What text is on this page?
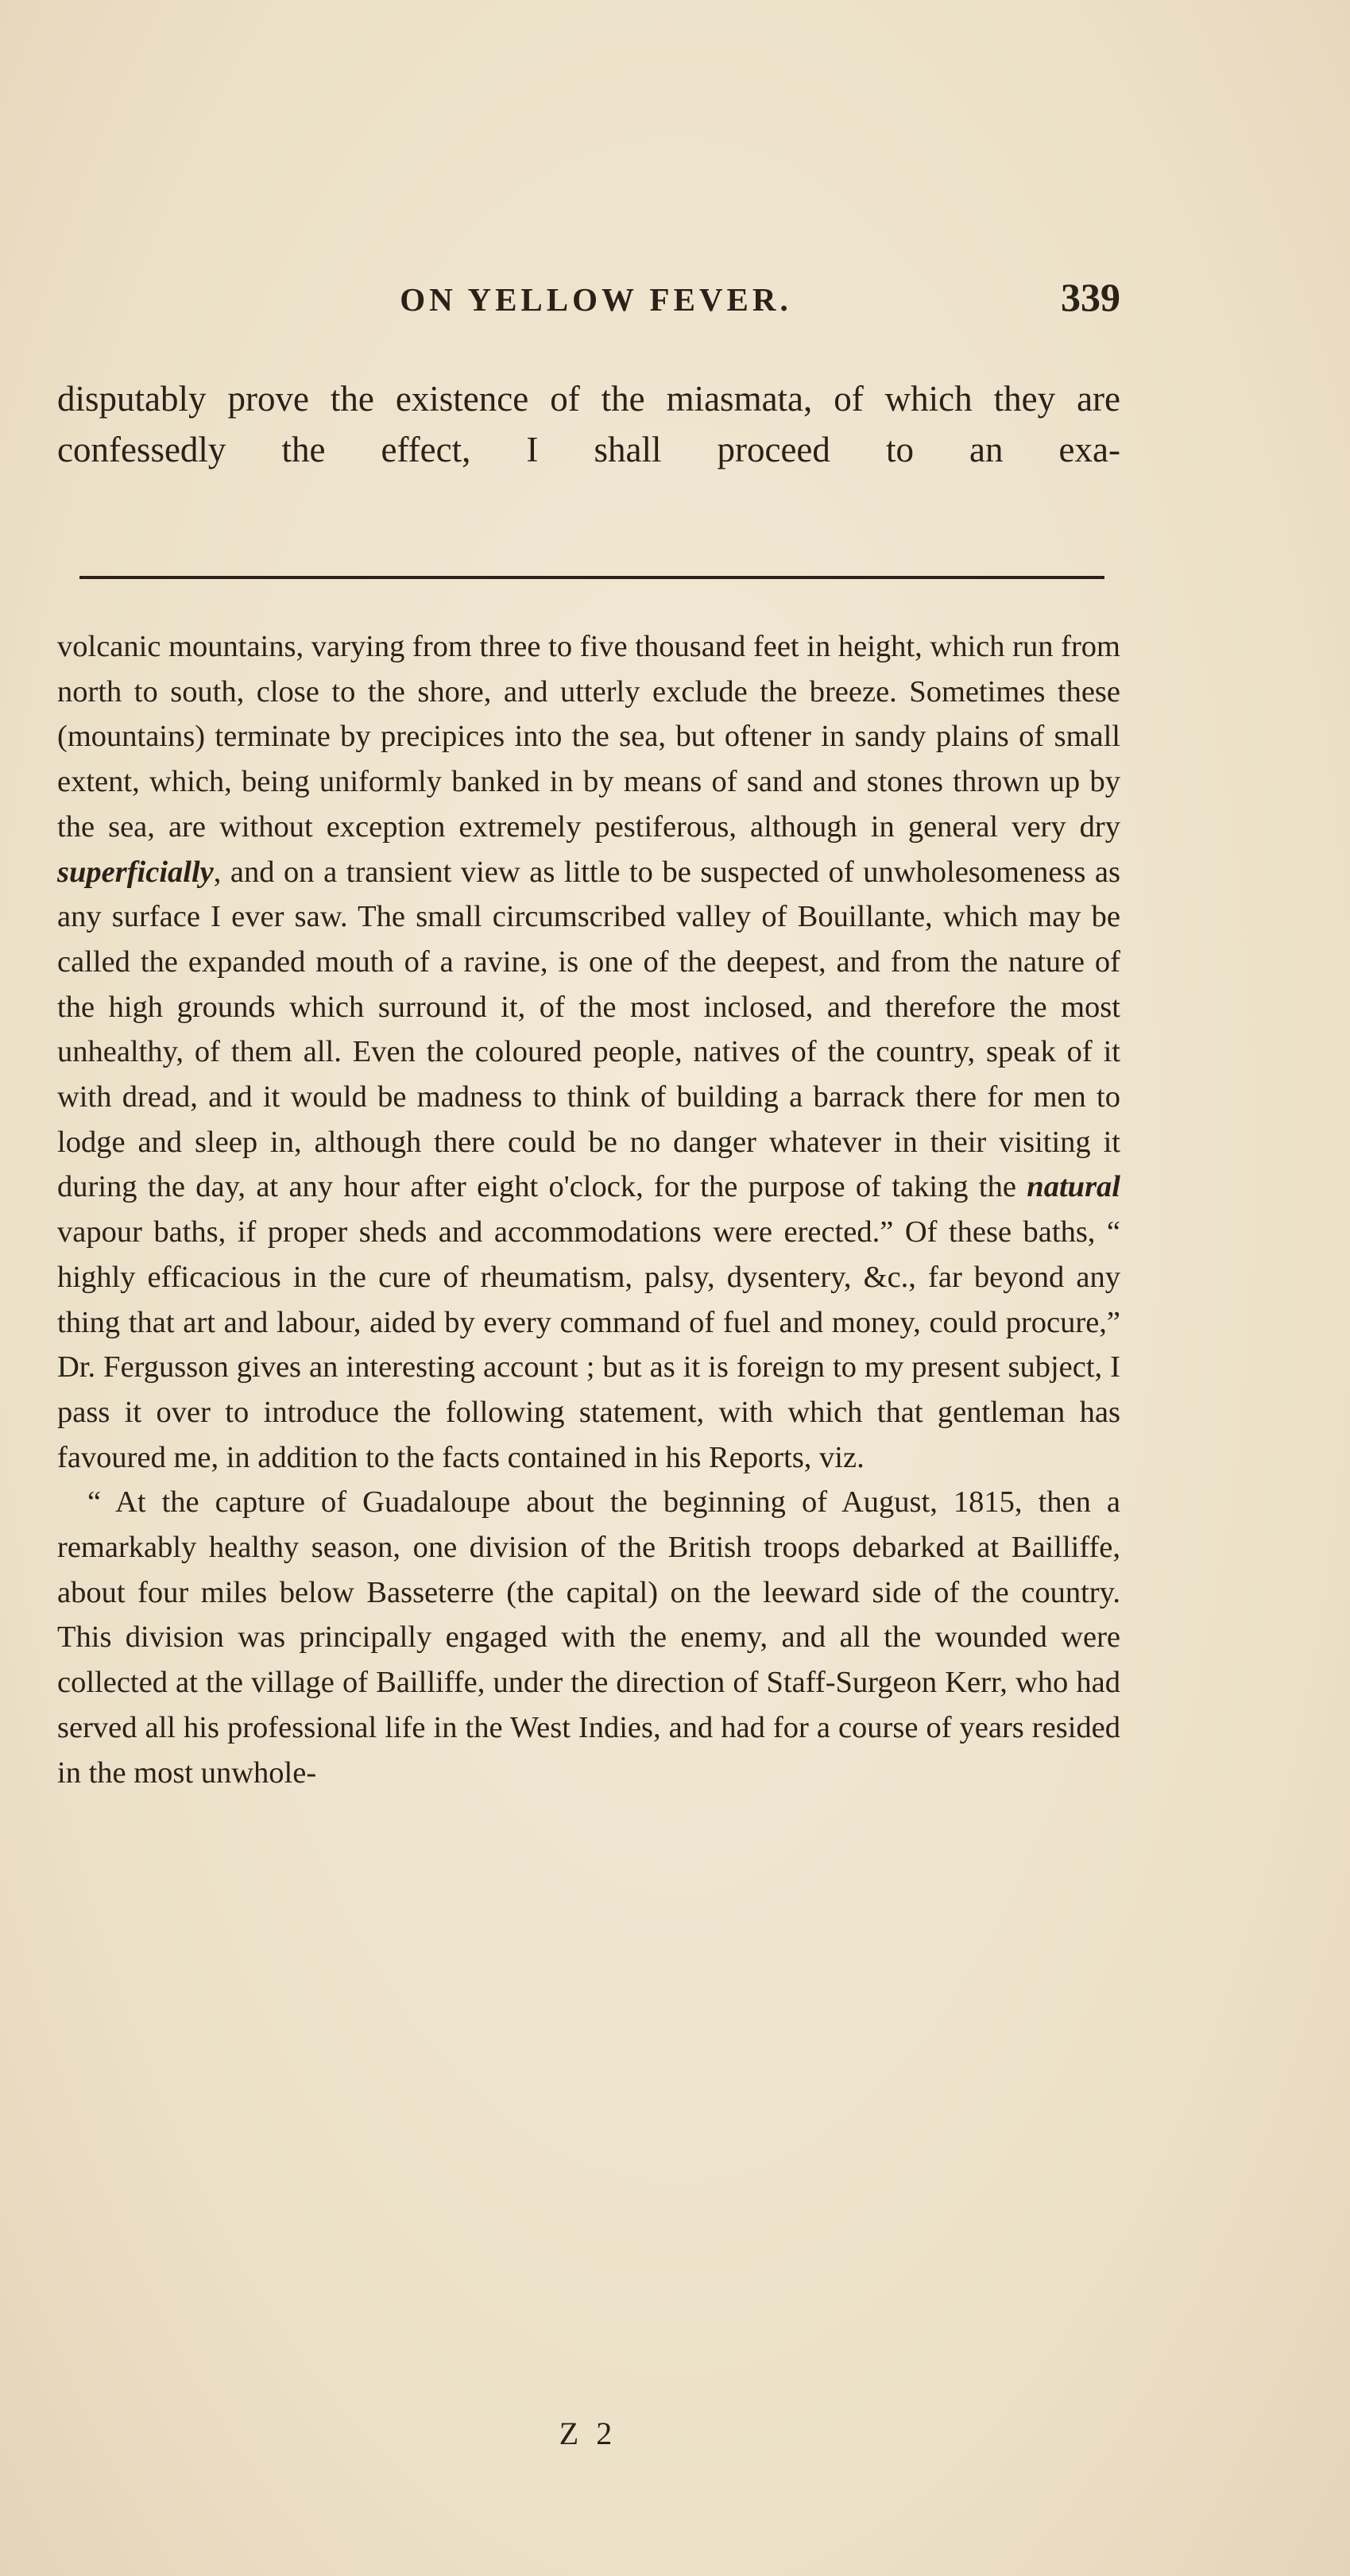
ON YELLOW FEVER.	339

disputably prove the existence of the miasmata, of which they are confessedly the effect, I shall proceed to an exa-

volcanic mountains, varying from three to five thousand feet in height, which run from north to south, close to the shore, and utterly exclude the breeze. Sometimes these (mountains) terminate by precipices into the sea, but oftener in sandy plains of small extent, which, being uniformly banked in by means of sand and stones thrown up by the sea, are without exception extremely pestiferous, although in general very dry superficially, and on a transient view as little to be suspected of unwholesomeness as any surface I ever saw. The small circumscribed valley of Bouillante, which may be called the expanded mouth of a ravine, is one of the deepest, and from the nature of the high grounds which surround it, of the most inclosed, and therefore the most unhealthy, of them all. Even the coloured people, natives of the country, speak of it with dread, and it would be madness to think of building a barrack there for men to lodge and sleep in, although there could be no danger whatever in their visiting it during the day, at any hour after eight o'clock, for the purpose of taking the natural vapour baths, if proper sheds and accommodations were erected.” Of these baths, “ highly efficacious in the cure of rheumatism, palsy, dysentery, &c., far beyond any thing that art and labour, aided by every command of fuel and money, could procure,” Dr. Fergusson gives an interesting account ; but as it is foreign to my present subject, I pass it over to introduce the following statement, with which that gentleman has favoured me, in addition to the facts contained in his Reports, viz.

“ At the capture of Guadaloupe about the beginning of August, 1815, then a remarkably healthy season, one division of the British troops debarked at Bailliffe, about four miles below Basseterre (the capital) on the leeward side of the country. This division was principally engaged with the enemy, and all the wounded were collected at the village of Bailliffe, under the direction of Staff-Surgeon Kerr, who had served all his professional life in the West Indies, and had for a course of years resided in the most unwhole-

Z 2
